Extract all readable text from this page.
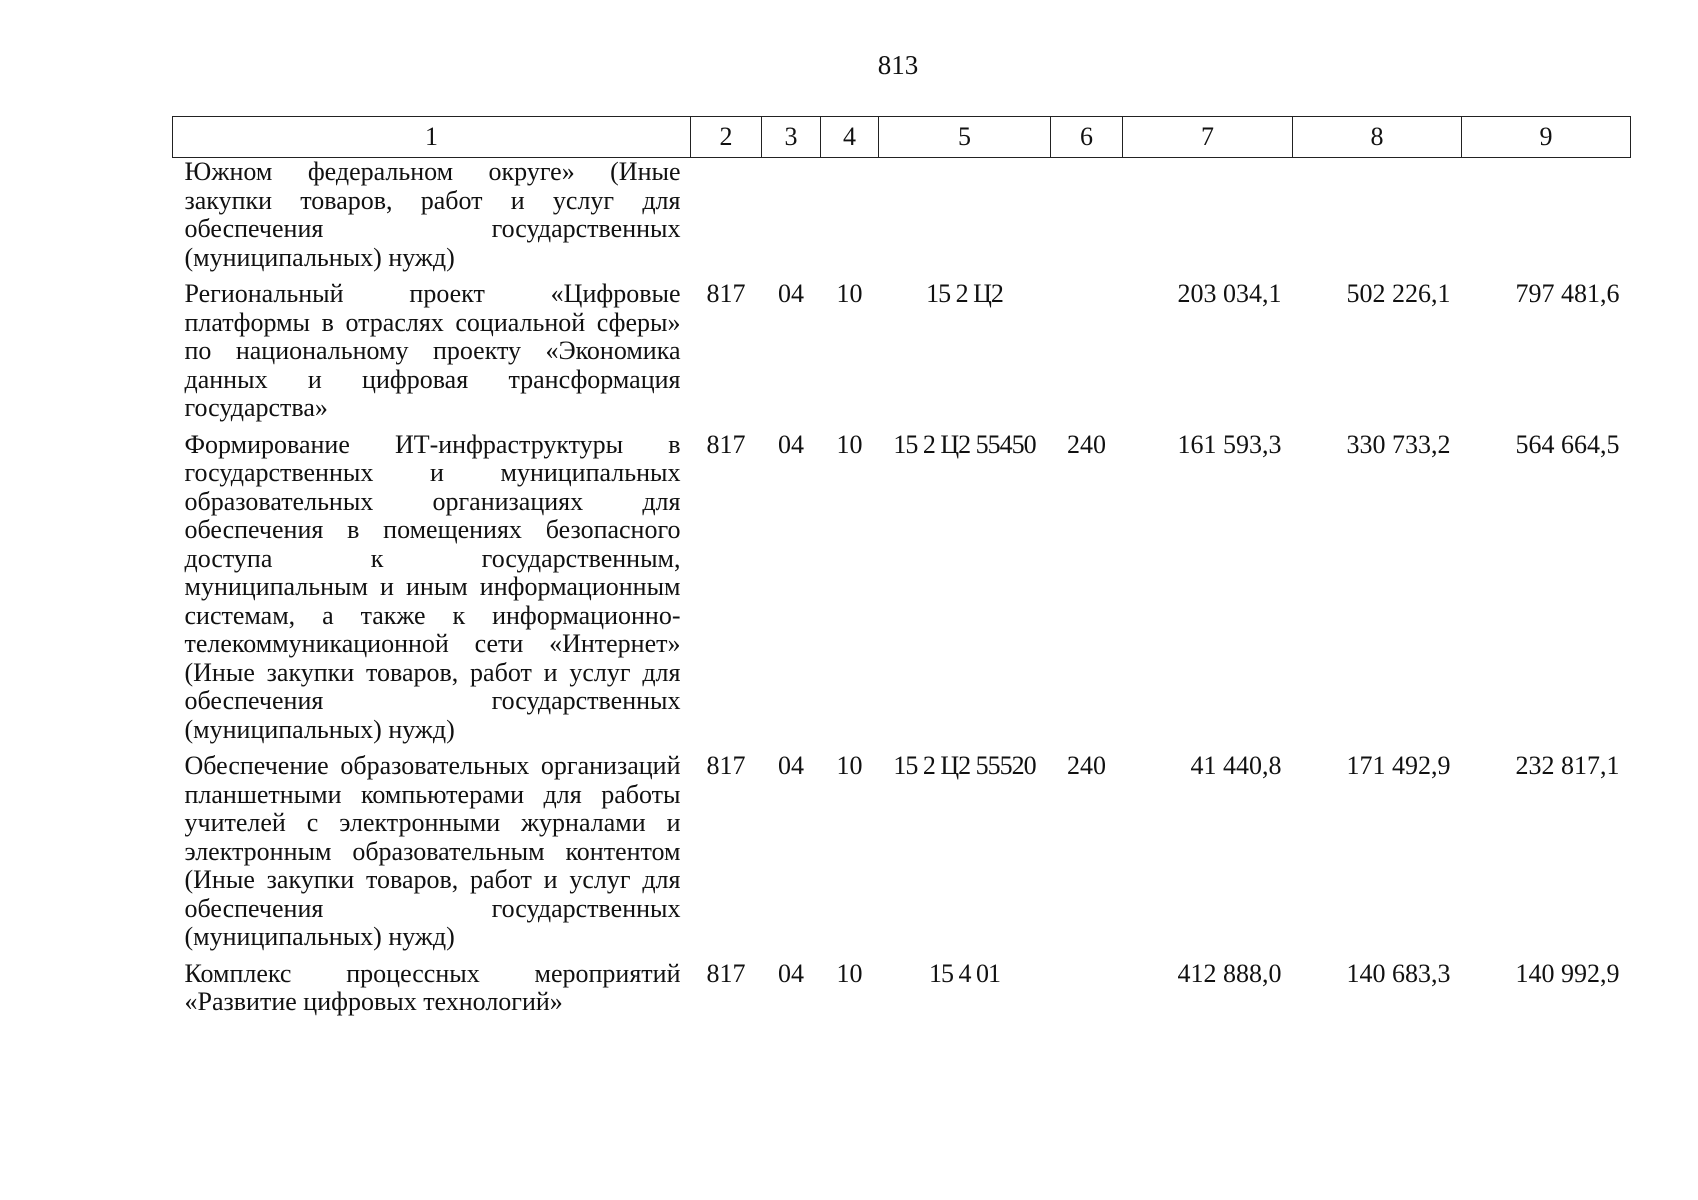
813
1	2	3	4	5	6	7	8	9
Южном федеральном округе» (Иные закупки товаров, работ и услуг для обеспечения государственных (муниципальных) нужд)								
Региональный проект «Цифровые платформы в отраслях социальной сферы» по национальному проекту «Экономика данных и цифровая трансформация государства»	817	04	10	15 2 Ц2		203 034,1	502 226,1	797 481,6
Формирование ИТ-инфраструктуры в государственных и муниципальных образовательных организациях для обеспечения в помещениях безопасного доступа к государственным, муниципальным и иным информационным системам, а также к информационно-телекоммуникационной сети «Интернет» (Иные закупки товаров, работ и услуг для обеспечения государственных (муниципальных) нужд)	817	04	10	15 2 Ц2 55450	240	161 593,3	330 733,2	564 664,5
Обеспечение образовательных организаций планшетными компьютерами для работы учителей с электронными журналами и электронным образовательным контентом (Иные закупки товаров, работ и услуг для обеспечения государственных (муниципальных) нужд)	817	04	10	15 2 Ц2 55520	240	41 440,8	171 492,9	232 817,1
Комплекс процессных мероприятий «Развитие цифровых технологий»	817	04	10	15 4 01		412 888,0	140 683,3	140 992,9
